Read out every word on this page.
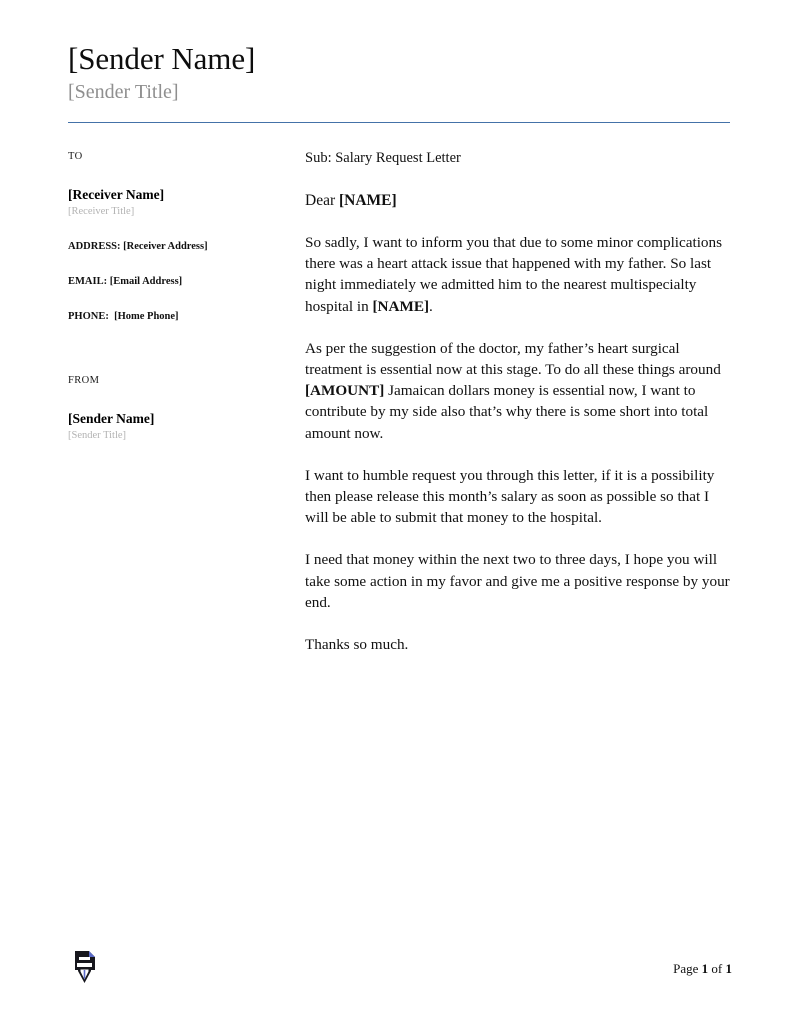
[Sender Name]
[Sender Title]
TO
[Receiver Name]
[Receiver Title]
ADDRESS: [Receiver Address]
EMAIL: [Email Address]
PHONE:  [Home Phone]
FROM
[Sender Name]
[Sender Title]
Sub: Salary Request Letter
Dear [NAME]
So sadly, I want to inform you that due to some minor complications there was a heart attack issue that happened with my father. So last night immediately we admitted him to the nearest multispecialty hospital in [NAME].
As per the suggestion of the doctor, my father’s heart surgical treatment is essential now at this stage. To do all these things around [AMOUNT] Jamaican dollars money is essential now, I want to contribute by my side also that’s why there is some short into total amount now.
I want to humble request you through this letter, if it is a possibility then please release this month’s salary as soon as possible so that I will be able to submit that money to the hospital.
I need that money within the next two to three days, I hope you will take some action in my favor and give me a positive response by your end.
Thanks so much.
Page 1 of 1
